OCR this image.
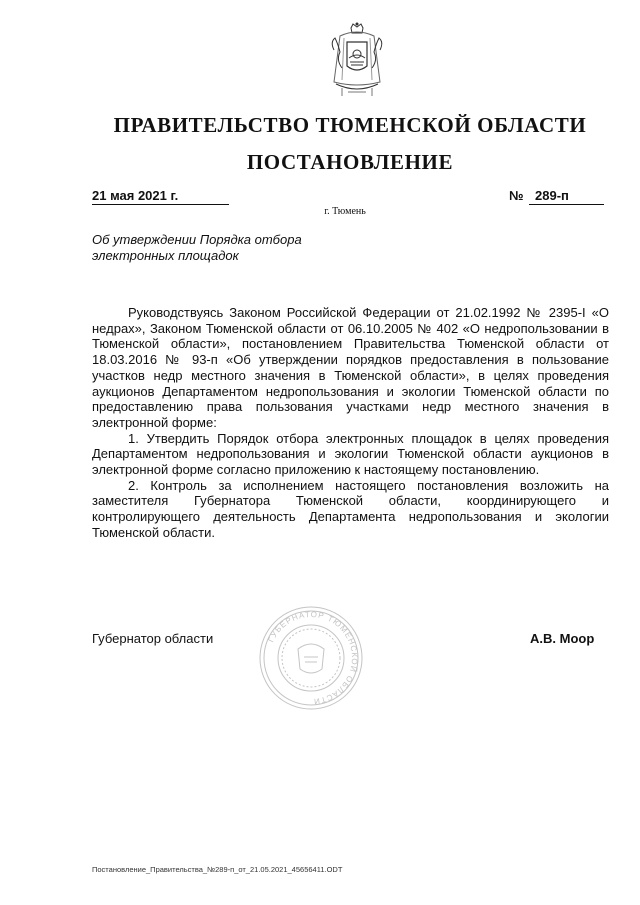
ПРАВИТЕЛЬСТВО ТЮМЕНСКОЙ ОБЛАСТИ
ПОСТАНОВЛЕНИЕ
21 мая 2021 г.	№ 289-п
г. Тюмень
Об утверждении Порядка отбора
электронных площадок

Руководствуясь Законом Российской Федерации от 21.02.1992 № 2395-I «О недрах», Законом Тюменской области от 06.10.2005 № 402 «О недропользовании в Тюменской области», постановлением Правительства Тюменской области от 18.03.2016 № 93-п «Об утверждении порядков предоставления в пользование участков недр местного значения в Тюменской области», в целях проведения аукционов Департаментом недропользования и экологии Тюменской области по предоставлению права пользования участками недр местного значения в электронной форме:

1. Утвердить Порядок отбора электронных площадок в целях проведения Департаментом недропользования и экологии Тюменской области аукционов в электронной форме согласно приложению к настоящему постановлению.

2. Контроль за исполнением настоящего постановления возложить на заместителя Губернатора Тюменской области, координирующего и контролирующего деятельность Департамента недропользования и экологии Тюменской области.

Губернатор области	ГУБЕРНАТОР ТЮМЕНСКОЙ ОБЛАСТИ
А.В. Моор
Постановление_Правительства_№289-п_от_21.05.2021_45656411.ODT
